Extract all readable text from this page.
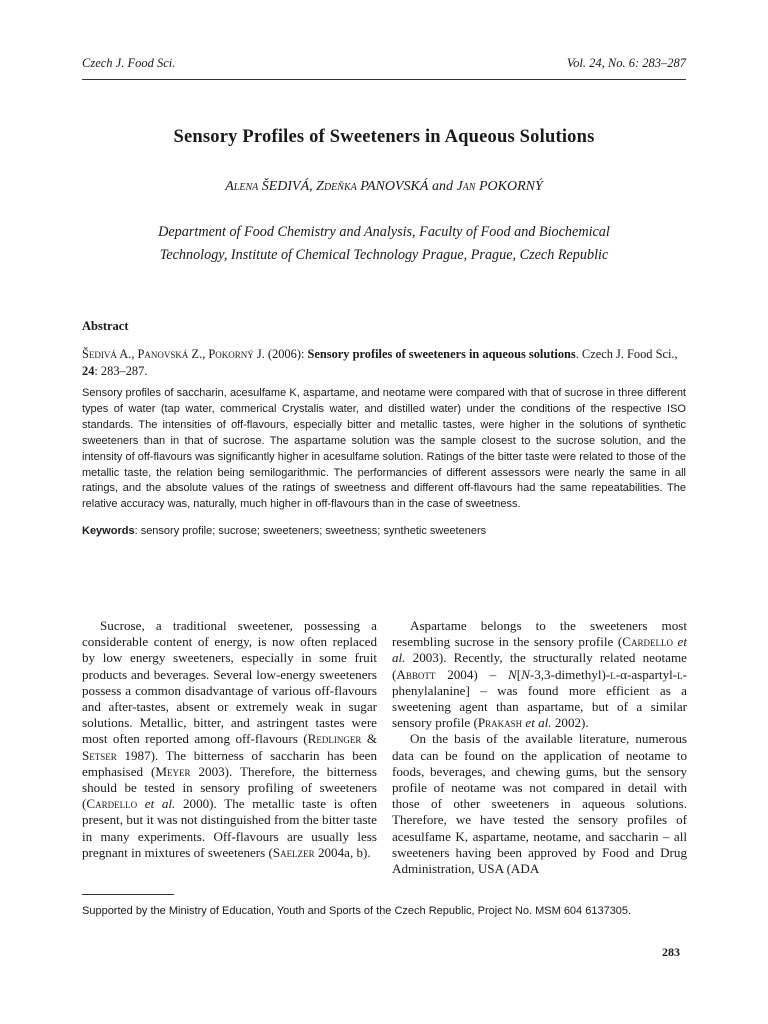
Czech J. Food Sci.	Vol. 24, No. 6: 283–287
Sensory Profiles of Sweeteners in Aqueous Solutions
Alena ŠEDIVÁ, Zdeňka PANOVSKÁ and Jan POKORNÝ
Department of Food Chemistry and Analysis, Faculty of Food and Biochemical
Technology, Institute of Chemical Technology Prague, Prague, Czech Republic
Abstract
Šedivá A., Panovská Z., Pokorný J. (2006): Sensory profiles of sweeteners in aqueous solutions. Czech J. Food Sci., 24: 283–287.
Sensory profiles of saccharin, acesulfame K, aspartame, and neotame were compared with that of sucrose in three different types of water (tap water, commerical Crystalis water, and distilled water) under the conditions of the respective ISO standards. The intensities of off-flavours, especially bitter and metallic tastes, were higher in the solutions of synthetic sweeteners than in that of sucrose. The aspartame solution was the sample closest to the sucrose solution, and the intensity of off-flavours was significantly higher in acesulfame solution. Ratings of the bitter taste were related to those of the metallic taste, the relation being semilogarithmic. The performancies of different assessors were nearly the same in all ratings, and the absolute values of the ratings of sweetness and different off-flavours had the same repeatabilities. The relative accuracy was, naturally, much higher in off-flavours than in the case of sweetness.
Keywords: sensory profile; sucrose; sweeteners; sweetness; synthetic sweeteners

Sucrose, a traditional sweetener, possessing a considerable content of energy, is now often replaced by low energy sweeteners, especially in some fruit products and beverages. Several low-energy sweeteners possess a common disadvantage of various off-flavours and after-tastes, absent or extremely weak in sugar solutions. Metallic, bitter, and astringent tastes were most often reported among off-flavours (Redlinger & Setser 1987). The bitterness of saccharin has been emphasised (Meyer 2003). Therefore, the bitterness should be tested in sensory profiling of sweeteners (Cardello et al. 2000). The metallic taste is often present, but it was not distinguished from the bitter taste in many experiments. Off-flavours are usually less pregnant in mixtures of sweeteners (Saelzer 2004a, b).

Aspartame belongs to the sweeteners most resembling sucrose in the sensory profile (Cardello et al. 2003). Recently, the structurally related neotame (Abbott 2004) – N[N-3,3-dimethyl)-l-α-aspartyl-l-phenylalanine] – was found more efficient as a sweetening agent than aspartame, but of a similar sensory profile (Prakash et al. 2002).

On the basis of the available literature, numerous data can be found on the application of neotame to foods, beverages, and chewing gums, but the sensory profile of neotame was not compared in detail with those of other sweeteners in aqueous solutions. Therefore, we have tested the sensory profiles of acesulfame K, aspartame, neotame, and saccharin – all sweeteners having been approved by Food and Drug Administration, USA (ADA

Supported by the Ministry of Education, Youth and Sports of the Czech Republic, Project No. MSM 604 6137305.
283
